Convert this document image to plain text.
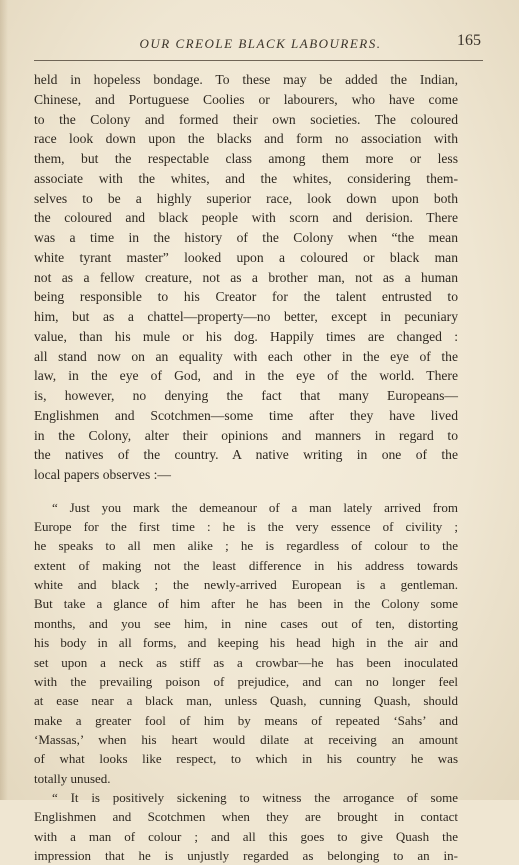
OUR CREOLE BLACK LABOURERS.	165
held in hopeless bondage. To these may be added the Indian,
Chinese, and Portuguese Coolies or labourers, who have come
to the Colony and formed their own societies. The coloured
race look down upon the blacks and form no association with
them, but the respectable class among them more or less
associate with the whites, and the whites, considering them-
selves to be a highly superior race, look down upon both
the coloured and black people with scorn and derision. There
was a time in the history of the Colony when “the mean
white tyrant master” looked upon a coloured or black man
not as a fellow creature, not as a brother man, not as a human
being responsible to his Creator for the talent entrusted to
him, but as a chattel—property—no better, except in pecuniary
value, than his mule or his dog. Happily times are changed :
all stand now on an equality with each other in the eye of the
law, in the eye of God, and in the eye of the world. There
is, however, no denying the fact that many Europeans—
Englishmen and Scotchmen—some time after they have lived
in the Colony, alter their opinions and manners in regard to
the natives of the country. A native writing in one of the
local papers observes :—
“ Just you mark the demeanour of a man lately arrived from
Europe for the first time : he is the very essence of civility ;
he speaks to all men alike ; he is regardless of colour to the
extent of making not the least difference in his address towards
white and black ; the newly-arrived European is a gentleman.
But take a glance of him after he has been in the Colony some
months, and you see him, in nine cases out of ten, distorting
his body in all forms, and keeping his head high in the air and
set upon a neck as stiff as a crowbar—he has been inoculated
with the prevailing poison of prejudice, and can no longer feel
at ease near a black man, unless Quash, cunning Quash, should
make a greater fool of him by means of repeated ‘Sahs’ and
‘Massas,’ when his heart would dilate at receiving an amount
of what looks like respect, to which in his country he was
totally unused.
“ It is positively sickening to witness the arrogance of some
Englishmen and Scotchmen when they are brought in contact
with a man of colour ; and all this goes to give Quash the
impression that he is unjustly regarded as belonging to an in-
